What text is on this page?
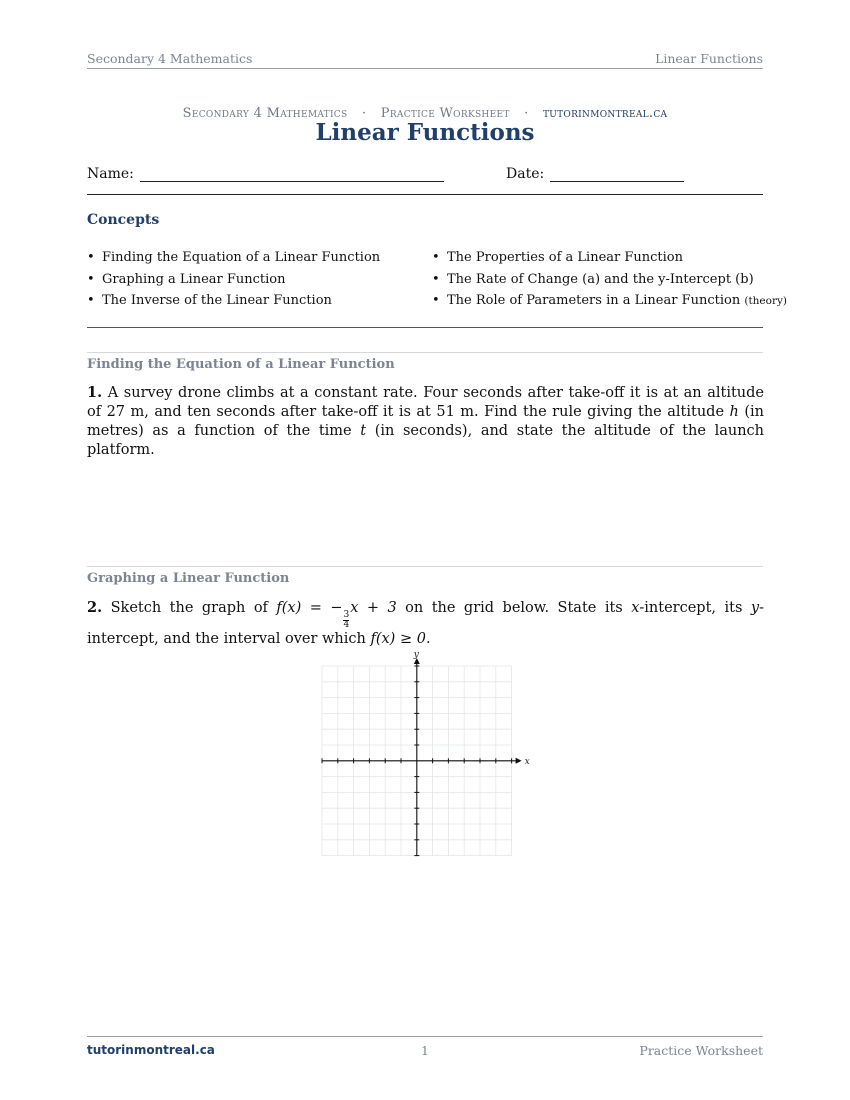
Secondary 4 Mathematics	Linear Functions
Secondary 4 Mathematics · Practice Worksheet · tutorinmontreal.ca
Linear Functions
Name:	Date:
Concepts
• Finding the Equation of a Linear Function	• The Properties of a Linear Function
• Graphing a Linear Function	• The Rate of Change (a) and the y-Intercept (b)
• The Inverse of the Linear Function	• The Role of Parameters in a Linear Function (theory)
Finding the Equation of a Linear Function
1. A survey drone climbs at a constant rate. Four seconds after take-off it is at an altitude of 27 m, and ten seconds after take-off it is at 51 m. Find the rule giving the altitude h (in metres) as a function of the time t (in seconds), and state the altitude of the launch platform.
Graphing a Linear Function
2. Sketch the graph of f(x) = −
$\frac{3}{4}$
x + 3 on the grid below. State its x-intercept, its y-intercept, and the interval over which f(x) ≥ 0.
x
y
tutorinmontreal.ca	1	Practice Worksheet
